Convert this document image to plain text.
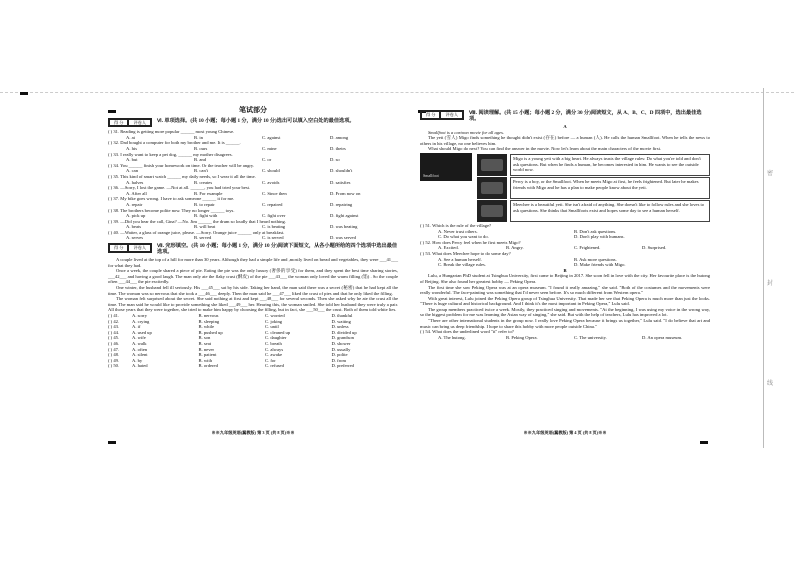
笔试部分
得 分	评卷人 Ⅵ. 单项选择。(共 10 小题；每小题 1 分，满分 10 分)选出可以填入空白处的最佳选项。
( ) 31. Reading is getting more popular ______ most young Chinese.
A. at	B. in	C. against	D. among
( ) 32. Dad bought a computer for both my brother and me. It is ______.
A. his	B. ours	C. mine	D. theirs
( ) 33. I really want to keep a pet dog, ______ my mother disagrees.
A. but	B. and	C. or	D. so
( ) 34. You ______ finish your homework on time. Or the teacher will be angry.
A. can	B. can't	C. should	D. shouldn't
( ) 35. This kind of smart watch ______ my daily needs, so I wear it all the time.
A. halves	B. creates	C. avoids	D. satisfies
( ) 36. —Sorry, I lost the game. —Not at all. ______, you had tried your best.
A. After all	B. For example	C. Since then	D. From now on
( ) 37. My bike goes wrong. I have to ask someone ______ it for me.
A. repair	B. to repair	C. repaired	D. repairing
( ) 38. The brothers become polite now. They no longer ______ toys.
A. pick up	B. fight with	C. fight over	D. fight against
( ) 39. —Did you hear the call, Gina? —No. Jim ______ the drum so loudly that I heard nothing.
A. beats	B. will beat	C. is beating	D. was beating
( ) 40. —Waiter, a glass of orange juice, please. —Sorry. Orange juice ______ only at breakfast.
A. serves	B. served	C. is served	D. was served
得 分	评卷人 Ⅶ. 完形填空。(共 10 小题；每小题 1 分，满分 10 分)阅读下面短文，从各小题所给的四个选项中选出最佳选项。

A couple lived at the top of a hill for more than 30 years. Although they had a simple life and ,mostly lived on bread and vegetables, they were ___41___ for what they had.

Once a week, the couple shared a piece of pie. Eating the pie was the only luxury (奢侈的享受) for them, and they spent the best time sharing stories, ___42___ and having a good laugh. The man only ate the flaky crust (酥皮) of the pie ___43___ the woman only loved the warm filling (馅) . So the couple often ___44___ the pie excitedly.

One winter, the husband fell ill seriously. His ___45___ sat by his side. Taking her hand, the man said there was a secret (秘密) that he had kept all the time. The woman was so nervous that she took a ___46___ deeply. Then the man said he ___47___ liked the crust of pies and that he only liked the filling.

The woman felt surprised about the secret. She said nothing at first and kept ___48___ for several seconds. Then she asked why he ate the crust all the time. The man said he would like to provide something she liked ___49___ her. Hearing this, the woman smiled. She told her husband they were truly a pair. All those years that they were together, she tried to make him happy by choosing the filling, but in fact, she ___50___ the crust. Both of them told white lies.

( ) 41.	A. sorry	B. nervous	C. worried	D. thankful
( ) 42.	A. crying	B. sleeping	C. joking	D. waiting
( ) 43.	A. if	B. while	C. until	D. unless
( ) 44.	A. used up	B. pushed up	C. cleaned up	D. divided up
( ) 45.	A. wife	B. son	C. daughter	D. grandson
( ) 46.	A. walk	B. seat	C. breath	D. shower
( ) 47.	A. often	B. never	C. always	D. usually
( ) 48.	A. silent	B. patient	C. awake	D. polite
( ) 49.	A. by	B. with	C. for	D. from
( ) 50.	A. hated	B. ordered	C. refused	D. preferred
※※九年级英语(冀教版) 第 3 页 (共 8 页)※※
得 分	评卷人 Ⅷ. 阅读理解。(共 15 小题；每小题 2 分，满分 30 分)阅读短文，从 A、B、C、D 四项中，选出最佳选项。
A

Smallfoot is a cartoon movie for all ages.

The yeti (雪人) Migo finds something he thought didn't exist (存在) before — a human (人). He calls the human Smallfoot. When he tells the news to others in his village, no one believes him.

What should Migo do next? You can find the answer in the movie. Now let's learn about the main characters of the movie first.

Smallfoot
Migo is a young yeti with a big heart. He always trusts the village rules: Do what you're told and don't ask questions. But when he finds a human, he becomes interested in him. He wants to see the outside world now.
Percy is a boy, or the Smallfoot. When he meets Migo at first, he feels frightened. But later he makes friends with Migo and he has a plan to make people know about the yeti.
Meechee is a beautiful yeti. She isn't afraid of anything. She doesn't like to follow rules and she loves to ask questions. She thinks that Smallfoots exist and hopes some day to see a human herself.
( ) 51. Which is the rule of the village?
A. Never trust others.	B. Don't ask questions.
C. Do what you want to do.	D. Don't play with humans.
( ) 52. How does Percy feel when he first meets Migo?
A. Excited.	B. Angry.	C. Frightened.	D. Surprised.
( ) 53. What does Meechee hope to do some day?
A. See a human herself.	B. Ask more questions.
C. Break the village rules.	D. Make friends with Migo.
B

Lulu, a Hungarian PhD student at Tsinghua University, first came to Beijing in 2017. She soon fell in love with the city. Her favourite place is the hutong of Beijing. She also found her greatest hobby — Peking Opera.

The first time she saw Peking Opera was at an opera museum. "I found it really amazing," she said. "Both of the costumes and the movements were really wonderful. The face-painting was something that I'd never seen before. It's so much different from Western opera."

With great interest, Lulu joined the Peking Opera group of Tsinghua University. That made her see that Peking Opera is much more than just the looks. "There is huge cultural and historical background. And I think it's the most important in Peking Opera," Lulu said.

The group members practiced twice a week. Mostly, they practiced singing and movements. "At the beginning, I was using my voice in the wrong way, so the biggest problem for me was learning the Asian way of singing," she said. But with the help of teachers, Lulu has improved a lot.

"There are other international students in the group now. I really love Peking Opera because it brings us together," Lulu said. "I do believe that art and music can bring us deep friendship. I hope to share this hobby with more people outside China."

( ) 54. What does the underlined word "it" refer to?
A. The hutong.	B. Peking Opera.	C. The university.	D. An opera museum.
※※九年级英语(冀教版) 第 4 页 (共 8 页)※※
密
封
线
